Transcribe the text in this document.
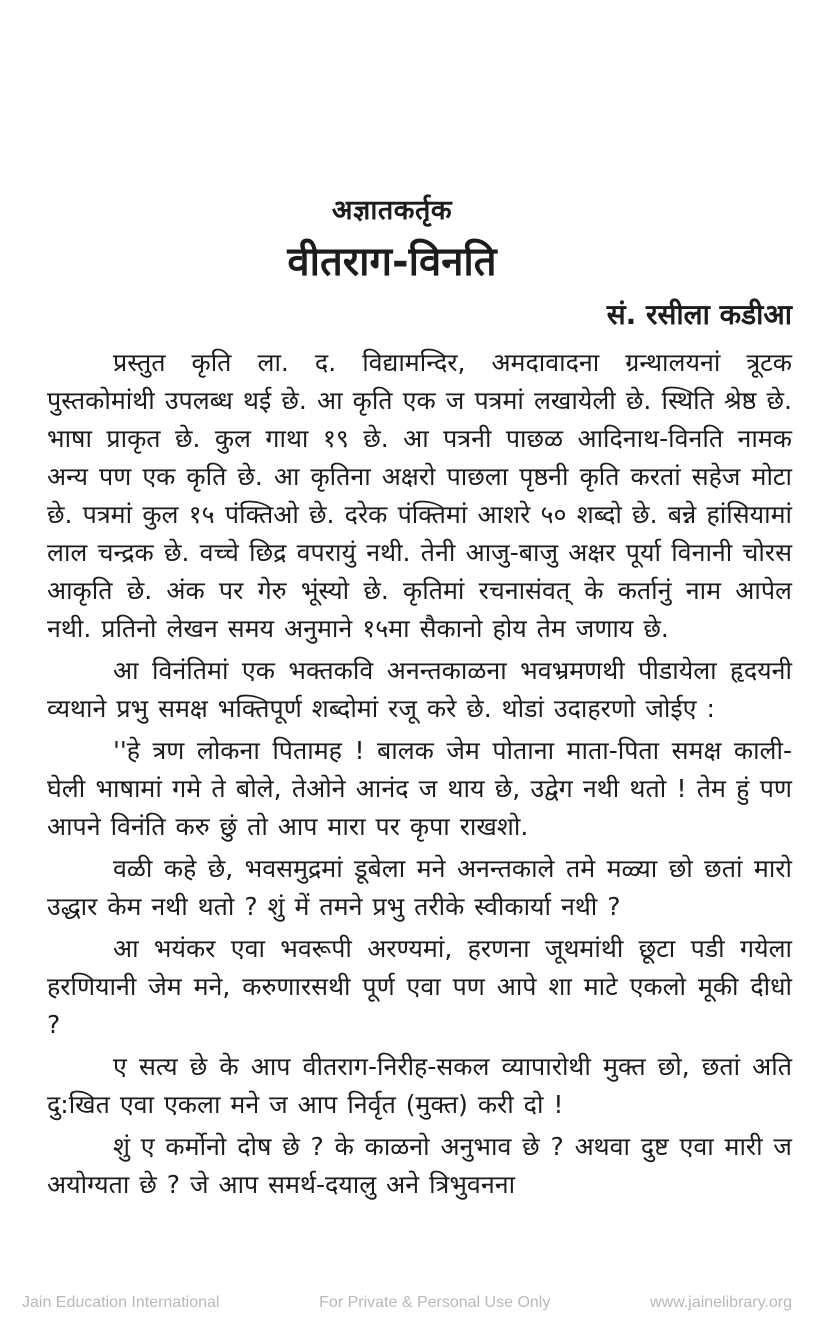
अज्ञातकर्तृक
वीतराग-विनति
सं. रसीला कडीआ

प्रस्तुत कृति ला. द. विद्यामन्दिर, अमदावादना ग्रन्थालयनां त्रूटक पुस्तकोमांथी उपलब्ध थई छे. आ कृति एक ज पत्रमां लखायेली छे. स्थिति श्रेष्ठ छे. भाषा प्राकृत छे. कुल गाथा १९ छे. आ पत्रनी पाछळ आदिनाथ-विनति नामक अन्य पण एक कृति छे. आ कृतिना अक्षरो पाछला पृष्ठनी कृति करतां सहेज मोटा छे. पत्रमां कुल १५ पंक्तिओ छे. दरेक पंक्तिमां आशरे ५० शब्दो छे. बन्ने हांसियामां लाल चन्द्रक छे. वच्चे छिद्र वपरायुं नथी. तेनी आजु-बाजु अक्षर पूर्या विनानी चोरस आकृति छे. अंक पर गेरु भूंस्यो छे. कृतिमां रचनासंवत् के कर्तानुं नाम आपेल नथी. प्रतिनो लेखन समय अनुमाने १५मा सैकानो होय तेम जणाय छे.

आ विनंतिमां एक भक्तकवि अनन्तकाळना भवभ्रमणथी पीडायेला हृदयनी व्यथाने प्रभु समक्ष भक्तिपूर्ण शब्दोमां रजू करे छे. थोडां उदाहरणो जोईए :

''हे त्रण लोकना पितामह ! बालक जेम पोताना माता-पिता समक्ष काली-घेली भाषामां गमे ते बोले, तेओने आनंद ज थाय छे, उद्वेग नथी थतो ! तेम हुं पण आपने विनंति करु छुं तो आप मारा पर कृपा राखशो.

वळी कहे छे, भवसमुद्रमां डूबेला मने अनन्तकाले तमे मळ्या छो छतां मारो उद्धार केम नथी थतो ? शुं में तमने प्रभु तरीके स्वीकार्या नथी ?

आ भयंकर एवा भवरूपी अरण्यमां, हरणना जूथमांथी छूटा पडी गयेला हरणियानी जेम मने, करुणारसथी पूर्ण एवा पण आपे शा माटे एकलो मूकी दीधो ?

ए सत्य छे के आप वीतराग-निरीह-सकल व्यापारोथी मुक्त छो, छतां अति दु:खित एवा एकला मने ज आप निर्वृत (मुक्त) करी दो !

शुं ए कर्मोनो दोष छे ? के काळनो अनुभाव छे ? अथवा दुष्ट एवा मारी ज अयोग्यता छे ? जे आप समर्थ-दयालु अने त्रिभुवनना

Jain Education International	For Private & Personal Use Only	www.jainelibrary.org
